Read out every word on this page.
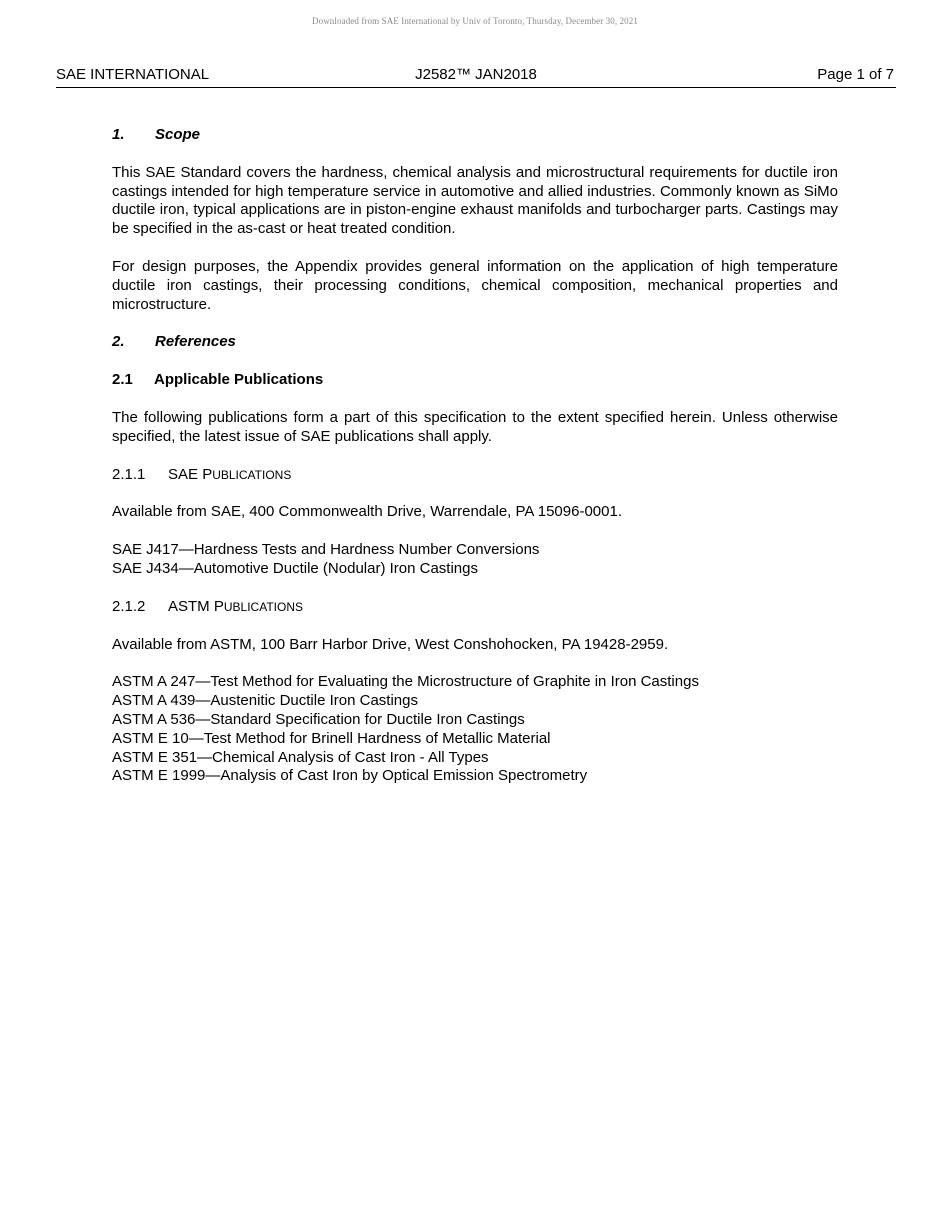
Downloaded from SAE International by Univ of Toronto, Thursday, December 30, 2021
SAE INTERNATIONAL	J2582™ JAN2018	Page 1 of 7
1. Scope

This SAE Standard covers the hardness, chemical analysis and microstructural requirements for ductile iron castings intended for high temperature service in automotive and allied industries. Commonly known as SiMo ductile iron, typical applications are in piston-engine exhaust manifolds and turbocharger parts. Castings may be specified in the as-cast or heat treated condition.

For design purposes, the Appendix provides general information on the application of high temperature ductile iron castings, their processing conditions, chemical composition, mechanical properties and microstructure.

2. References
2.1 Applicable Publications

The following publications form a part of this specification to the extent specified herein. Unless otherwise specified, the latest issue of SAE publications shall apply.

2.1.1 SAE PUBLICATIONS

Available from SAE, 400 Commonwealth Drive, Warrendale, PA 15096-0001.

SAE J417—Hardness Tests and Hardness Number Conversions
SAE J434—Automotive Ductile (Nodular) Iron Castings
2.1.2 ASTM PUBLICATIONS

Available from ASTM, 100 Barr Harbor Drive, West Conshohocken, PA 19428-2959.

ASTM A 247—Test Method for Evaluating the Microstructure of Graphite in Iron Castings
ASTM A 439—Austenitic Ductile Iron Castings
ASTM A 536—Standard Specification for Ductile Iron Castings
ASTM E 10—Test Method for Brinell Hardness of Metallic Material
ASTM E 351—Chemical Analysis of Cast Iron - All Types
ASTM E 1999—Analysis of Cast Iron by Optical Emission Spectrometry
